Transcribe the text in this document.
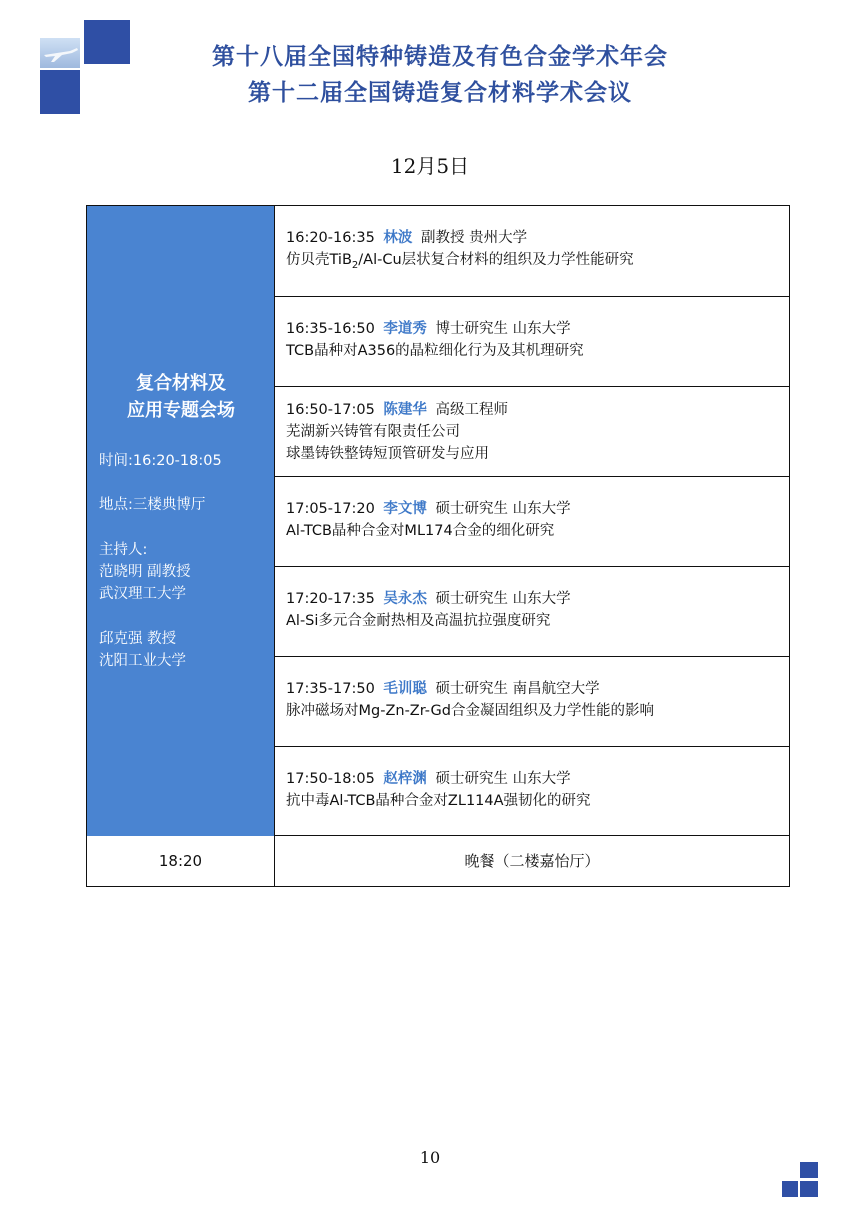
第十八届全国特种铸造及有色合金学术年会
第十二届全国铸造复合材料学术会议
12月5日
复合材料及
应用专题会场
时间:16:20-18:05
地点:三楼典博厅
主持人:
范晓明 副教授
武汉理工大学
邱克强 教授
沈阳工业大学
16:20-16:35 林波 副教授 贵州大学
仿贝壳TiB$_2$/Al-Cu层状复合材料的组织及力学性能研究
16:35-16:50 李道秀 博士研究生 山东大学
TCB晶种对A356的晶粒细化行为及其机理研究
16:50-17:05 陈建华 高级工程师
芜湖新兴铸管有限责任公司
球墨铸铁整铸短顶管研发与应用
17:05-17:20 李文博 硕士研究生 山东大学
Al-TCB晶种合金对ML174合金的细化研究
17:20-17:35 吴永杰 硕士研究生 山东大学
Al-Si多元合金耐热相及高温抗拉强度研究
17:35-17:50 毛训聪 硕士研究生 南昌航空大学
脉冲磁场对Mg-Zn-Zr-Gd合金凝固组织及力学性能的影响
17:50-18:05 赵梓渊 硕士研究生 山东大学
抗中毒Al-TCB晶种合金对ZL114A强韧化的研究
18:20	晚餐（二楼嘉怡厅）
10
